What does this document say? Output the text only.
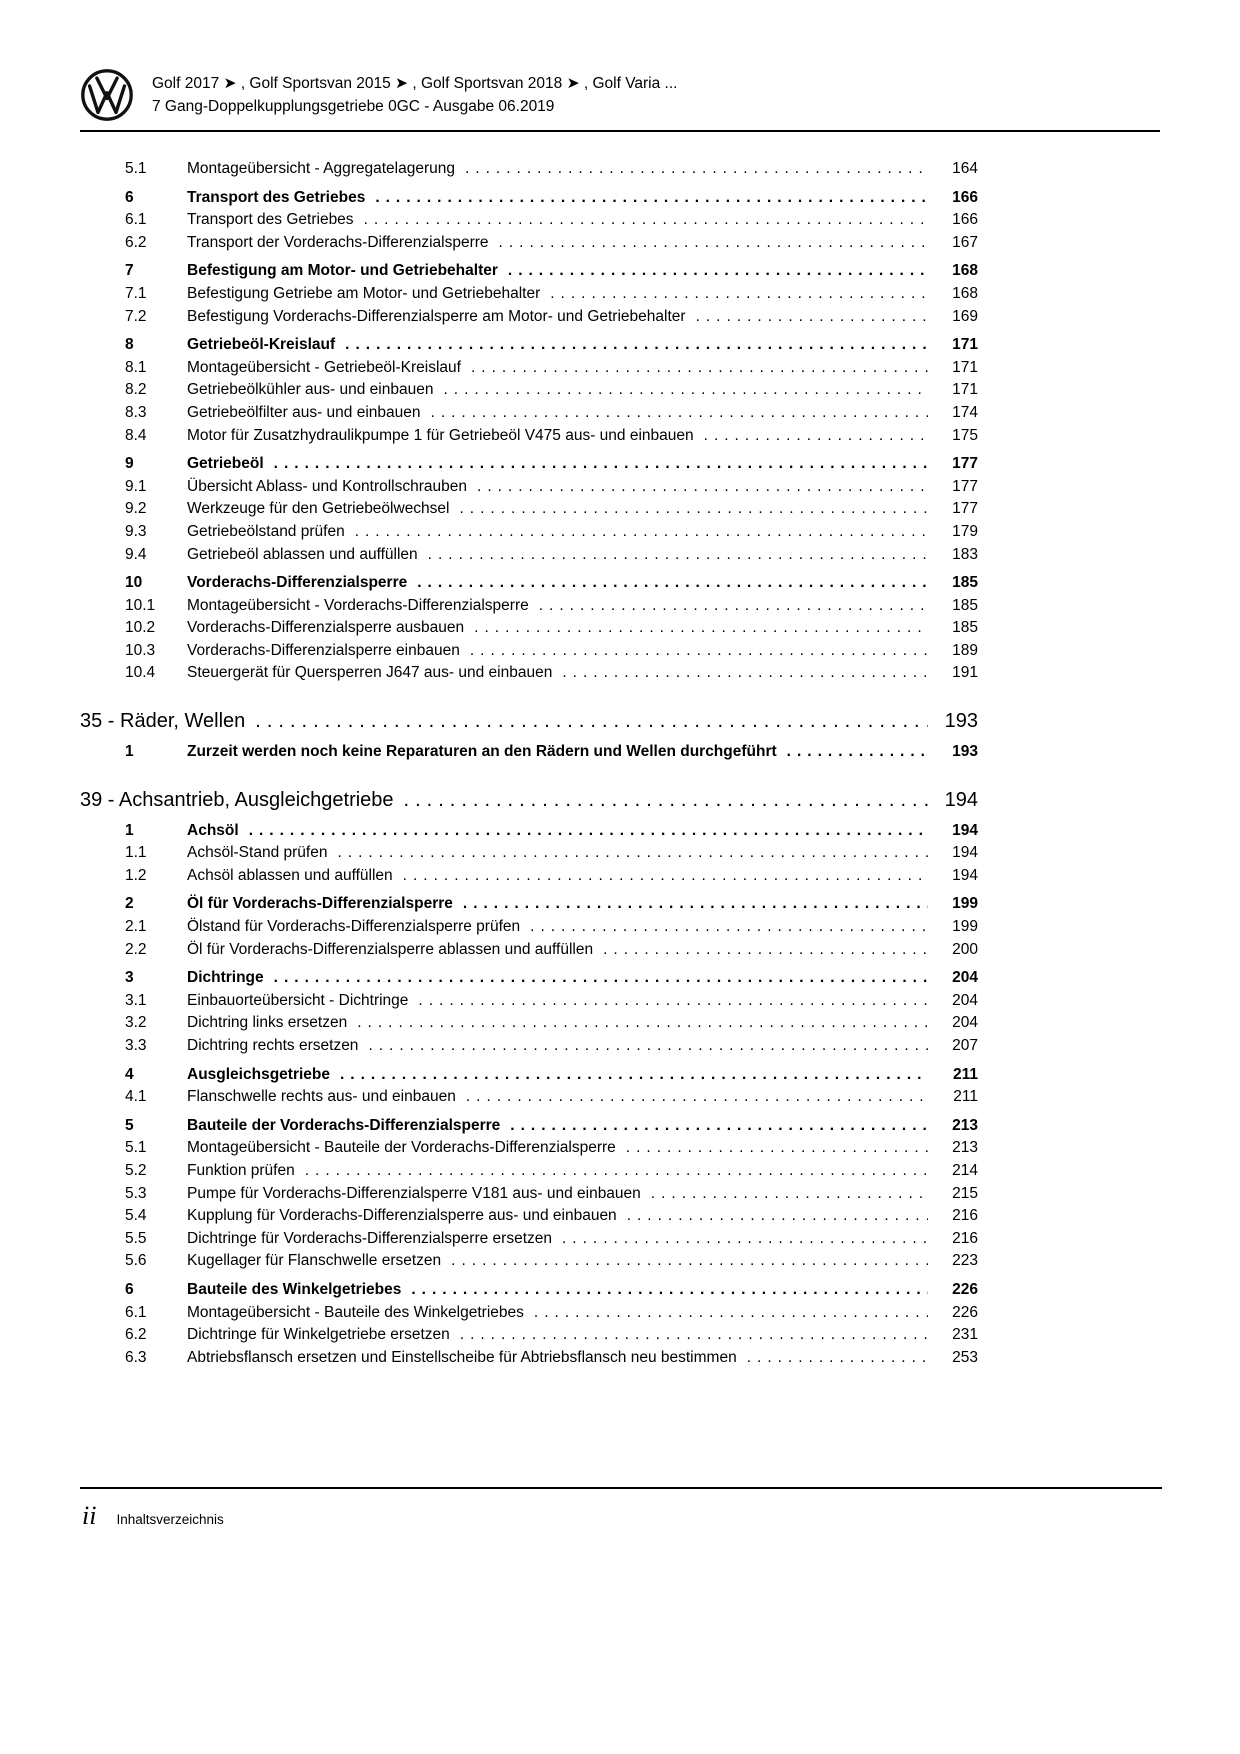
Golf 2017 ➤ , Golf Sportsvan 2015 ➤ , Golf Sportsvan 2018 ➤ , Golf Varia ...
7 Gang-Doppelkupplungsgetriebe 0GC - Ausgabe 06.2019
5.1	Montageübersicht - Aggregatelagerung .....	164
6	Transport des Getriebes .....	166
6.1	Transport des Getriebes .....	166
6.2	Transport der Vorderachs-Differenzialsperre .....	167
7	Befestigung am Motor- und Getriebehalter .....	168
7.1	Befestigung Getriebe am Motor- und Getriebehalter .....	168
7.2	Befestigung Vorderachs-Differenzialsperre am Motor- und Getriebehalter .....	169
8	Getriebeöl-Kreislauf .....	171
8.1	Montageübersicht - Getriebeöl-Kreislauf .....	171
8.2	Getriebeölkühler aus- und einbauen .....	171
8.3	Getriebeölfilter aus- und einbauen .....	174
8.4	Motor für Zusatzhydraulikpumpe 1 für Getriebeöl V475 aus- und einbauen .....	175
9	Getriebeöl .....	177
9.1	Übersicht Ablass- und Kontrollschrauben .....	177
9.2	Werkzeuge für den Getriebeölwechsel .....	177
9.3	Getriebeölstand prüfen .....	179
9.4	Getriebeöl ablassen und auffüllen .....	183
10	Vorderachs-Differenzialsperre .....	185
10.1	Montageübersicht - Vorderachs-Differenzialsperre .....	185
10.2	Vorderachs-Differenzialsperre ausbauen .....	185
10.3	Vorderachs-Differenzialsperre einbauen .....	189
10.4	Steuergerät für Quersperren J647 aus- und einbauen .....	191
35 - Räder, Wellen .....	193
1	Zurzeit werden noch keine Reparaturen an den Rädern und Wellen durchgeführt .....	193
39 - Achsantrieb, Ausgleichgetriebe .....	194
1	Achsöl .....	194
1.1	Achsöl-Stand prüfen .....	194
1.2	Achsöl ablassen und auffüllen .....	194
2	Öl für Vorderachs-Differenzialsperre .....	199
2.1	Ölstand für Vorderachs-Differenzialsperre prüfen .....	199
2.2	Öl für Vorderachs-Differenzialsperre ablassen und auffüllen .....	200
3	Dichtringe .....	204
3.1	Einbauorteübersicht - Dichtringe .....	204
3.2	Dichtring links ersetzen .....	204
3.3	Dichtring rechts ersetzen .....	207
4	Ausgleichsgetriebe .....	211
4.1	Flanschwelle rechts aus- und einbauen .....	211
5	Bauteile der Vorderachs-Differenzialsperre .....	213
5.1	Montageübersicht - Bauteile der Vorderachs-Differenzialsperre .....	213
5.2	Funktion prüfen .....	214
5.3	Pumpe für Vorderachs-Differenzialsperre V181 aus- und einbauen .....	215
5.4	Kupplung für Vorderachs-Differenzialsperre aus- und einbauen .....	216
5.5	Dichtringe für Vorderachs-Differenzialsperre ersetzen .....	216
5.6	Kugellager für Flanschwelle ersetzen .....	223
6	Bauteile des Winkelgetriebes .....	226
6.1	Montageübersicht - Bauteile des Winkelgetriebes .....	226
6.2	Dichtringe für Winkelgetriebe ersetzen .....	231
6.3	Abtriebsflansch ersetzen und Einstellscheibe für Abtriebsflansch neu bestimmen .....	253
ii Inhaltsverzeichnis
